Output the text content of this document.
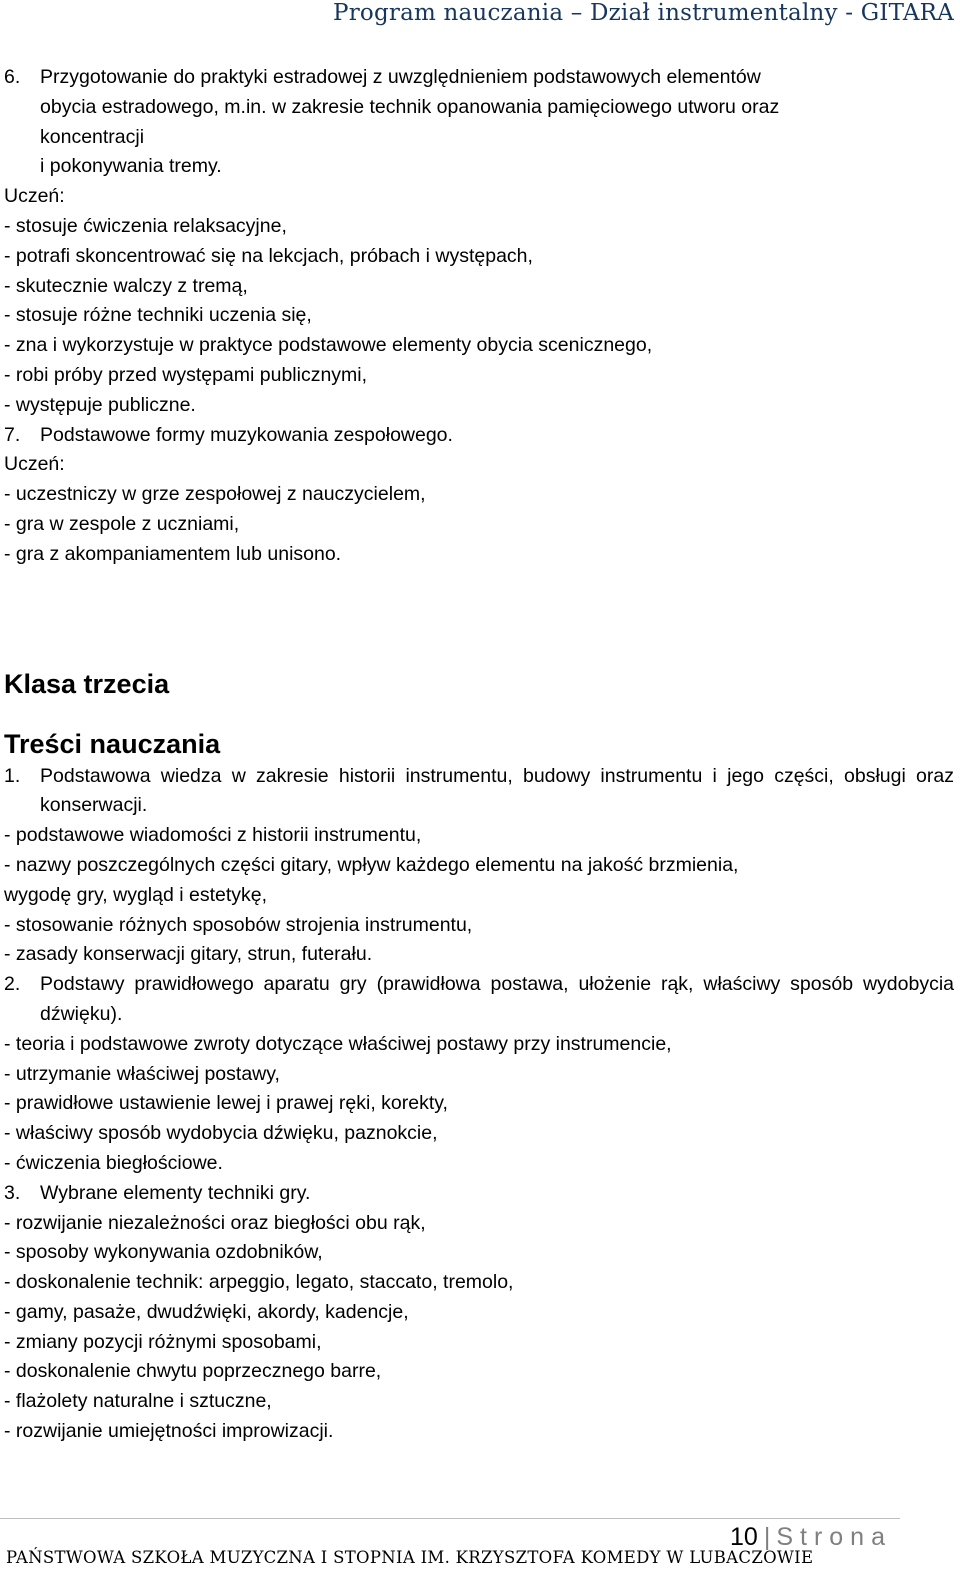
Program nauczania – Dział instrumentalny - GITARA
6.	Przygotowanie do praktyki estradowej z uwzględnieniem podstawowych elementów
obycia estradowego, m.in. w zakresie technik opanowania pamięciowego utworu oraz
koncentracji
i pokonywania tremy.
Uczeń:
- stosuje ćwiczenia relaksacyjne,
- potrafi skoncentrować się na lekcjach, próbach i występach,
- skutecznie walczy z tremą,
- stosuje różne techniki uczenia się,
- zna i wykorzystuje w praktyce podstawowe elementy obycia scenicznego,
- robi próby przed występami publicznymi,
- występuje publiczne.
7.	Podstawowe formy muzykowania zespołowego.
Uczeń:
- uczestniczy w grze zespołowej z nauczycielem,
- gra w zespole z uczniami,
- gra z akompaniamentem lub unisono.
Klasa trzecia
Treści nauczania
1.	Podstawowa wiedza w zakresie historii instrumentu, budowy instrumentu i jego części, obsługi oraz konserwacji.
- podstawowe wiadomości z historii instrumentu,
- nazwy poszczególnych części gitary, wpływ każdego elementu na jakość brzmienia,
wygodę gry, wygląd i estetykę,
- stosowanie różnych sposobów strojenia instrumentu,
- zasady konserwacji gitary, strun, futerału.
2.	Podstawy prawidłowego aparatu gry (prawidłowa postawa, ułożenie rąk, właściwy sposób wydobycia dźwięku).
- teoria i podstawowe zwroty dotyczące właściwej postawy przy instrumencie,
- utrzymanie właściwej postawy,
- prawidłowe ustawienie lewej i prawej ręki, korekty,
- właściwy sposób wydobycia dźwięku, paznokcie,
- ćwiczenia biegłościowe.
3.	Wybrane elementy techniki gry.
- rozwijanie niezależności oraz biegłości obu rąk,
- sposoby wykonywania ozdobników,
- doskonalenie technik: arpeggio, legato, staccato, tremolo,
- gamy, pasaże, dwudźwięki, akordy, kadencje,
- zmiany pozycji różnymi sposobami,
- doskonalenie chwytu poprzecznego barre,
- flażolety naturalne i sztuczne,
- rozwijanie umiejętności improwizacji.
10 | Strona
PAŃSTWOWA SZKOŁA MUZYCZNA I STOPNIA IM. KRZYSZTOFA KOMEDY W LUBACZOWIE
